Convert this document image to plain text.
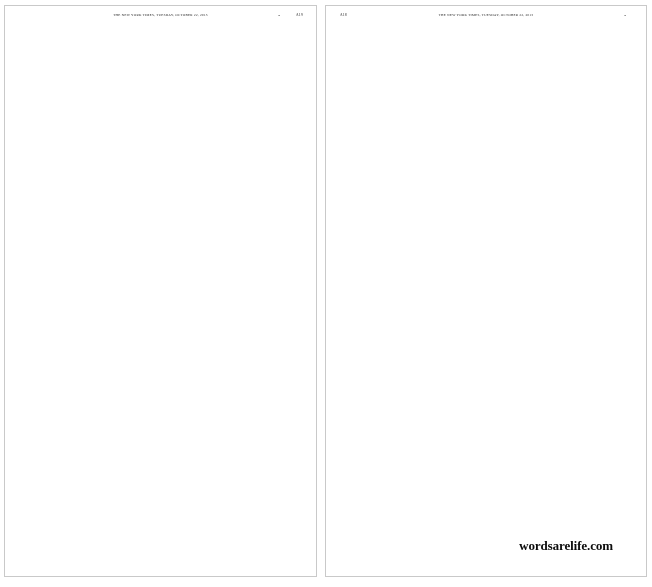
THE NEW YORK TIMES, TUESDAY, OCTOBER 22, 2013	•	A19	A18	THE NEW YORK TIMES, TUESDAY, OCTOBER 22, 2013	•
wordsarelife.com
